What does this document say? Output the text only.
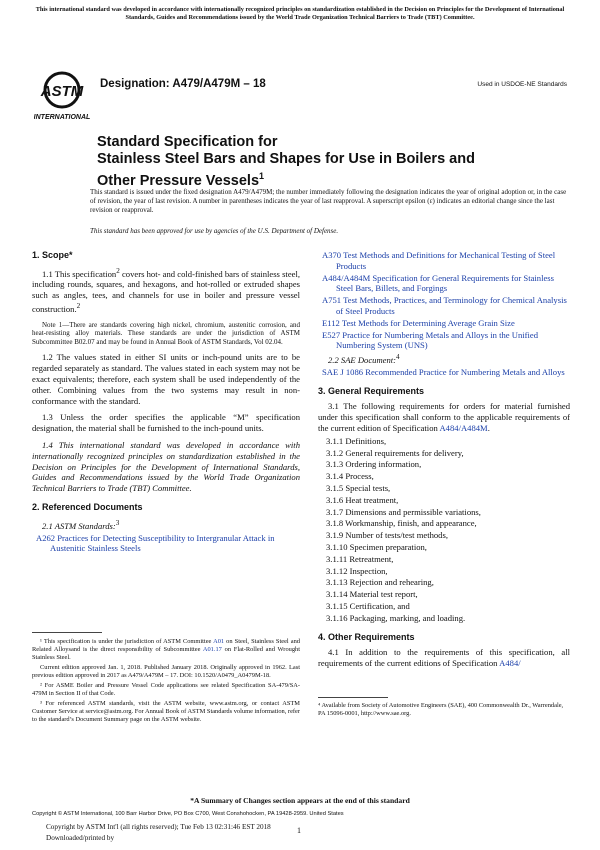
This international standard was developed in accordance with internationally recognized principles on standardization established in the Decision on Principles for the Development of International Standards, Guides and Recommendations issued by the World Trade Organization Technical Barriers to Trade (TBT) Committee.
ASTM
INTERNATIONAL
Designation: A479/A479M – 18	Used in USDOE-NE Standards
Standard Specification for
Stainless Steel Bars and Shapes for Use in Boilers and
Other Pressure Vessels$^1$
This standard is issued under the fixed designation A479/A479M; the number immediately following the designation indicates the year of original adoption or, in the case of revision, the year of last revision. A number in parentheses indicates the year of last reapproval. A superscript epsilon (ε) indicates an editorial change since the last revision or reapproval.
This standard has been approved for use by agencies of the U.S. Department of Defense.
1. Scope*

1.1 This specification$^2$ covers hot- and cold-finished bars of stainless steel, including rounds, squares, and hexagons, and hot-rolled or extruded shapes such as angles, tees, and channels for use in boiler and pressure vessel construction.$^2$

Note 1—There are standards covering high nickel, chromium, austenitic corrosion, and heat-resisting alloy materials. These standards are under the jurisdiction of ASTM Subcommittee B02.07 and may be found in Annual Book of ASTM Standards, Vol 02.04.

1.2 The values stated in either SI units or inch-pound units are to be regarded separately as standard. The values stated in each system may not be exact equivalents; therefore, each system shall be used independently of the other. Combining values from the two systems may result in non-conformance with the standard.

1.3 Unless the order specifies the applicable “M” specification designation, the material shall be furnished to the inch-pound units.

1.4 This international standard was developed in accordance with internationally recognized principles on standardization established in the Decision on Principles for the Development of International Standards, Guides and Recommendations issued by the World Trade Organization Technical Barriers to Trade (TBT) Committee.

2. Referenced Documents

2.1 ASTM Standards:$^3$

A262 Practices for Detecting Susceptibility to Intergranular Attack in Austenitic Stainless Steels

¹ This specification is under the jurisdiction of ASTM Committee A01 on Steel, Stainless Steel and Related Alloysand is the direct responsibility of Subcommittee A01.17 on Flat-Rolled and Wrought Stainless Steel.

Current edition approved Jan. 1, 2018. Published January 2018. Originally approved in 1962. Last previous edition approved in 2017 as A479/A479M – 17. DOI: 10.1520/A0479_A0479M-18.

² For ASME Boiler and Pressure Vessel Code applications see related Specification SA-479/SA-479M in Section II of that Code.

³ For referenced ASTM standards, visit the ASTM website, www.astm.org, or contact ASTM Customer Service at service@astm.org. For Annual Book of ASTM Standards volume information, refer to the standard’s Document Summary page on the ASTM website.

A370 Test Methods and Definitions for Mechanical Testing of Steel Products

A484/A484M Specification for General Requirements for Stainless Steel Bars, Billets, and Forgings

A751 Test Methods, Practices, and Terminology for Chemical Analysis of Steel Products

E112 Test Methods for Determining Average Grain Size

E527 Practice for Numbering Metals and Alloys in the Unified Numbering System (UNS)

2.2 SAE Document:$^4$

SAE J 1086 Recommended Practice for Numbering Metals and Alloys

3. General Requirements

3.1 The following requirements for orders for material furnished under this specification shall conform to the applicable requirements of the current edition of Specification A484/A484M.

3.1.1 Definitions,
3.1.2 General requirements for delivery,
3.1.3 Ordering information,
3.1.4 Process,
3.1.5 Special tests,
3.1.6 Heat treatment,
3.1.7 Dimensions and permissible variations,
3.1.8 Workmanship, finish, and appearance,
3.1.9 Number of tests/test methods,
3.1.10 Specimen preparation,
3.1.11 Retreatment,
3.1.12 Inspection,
3.1.13 Rejection and rehearing,
3.1.14 Material test report,
3.1.15 Certification, and
3.1.16 Packaging, marking, and loading.
4. Other Requirements

4.1 In addition to the requirements of this specification, all requirements of the current editions of Specification A484/

⁴ Available from Society of Automotive Engineers (SAE), 400 Commonwealth Dr., Warrendale, PA 15096-0001, http://www.sae.org.
*A Summary of Changes section appears at the end of this standard
Copyright © ASTM International, 100 Barr Harbor Drive, PO Box C700, West Conshohocken, PA 19428-2959. United States
Copyright by ASTM Int'l (all rights reserved); Tue Feb 13 02:31:46 EST 2018
Downloaded/printed by
1
